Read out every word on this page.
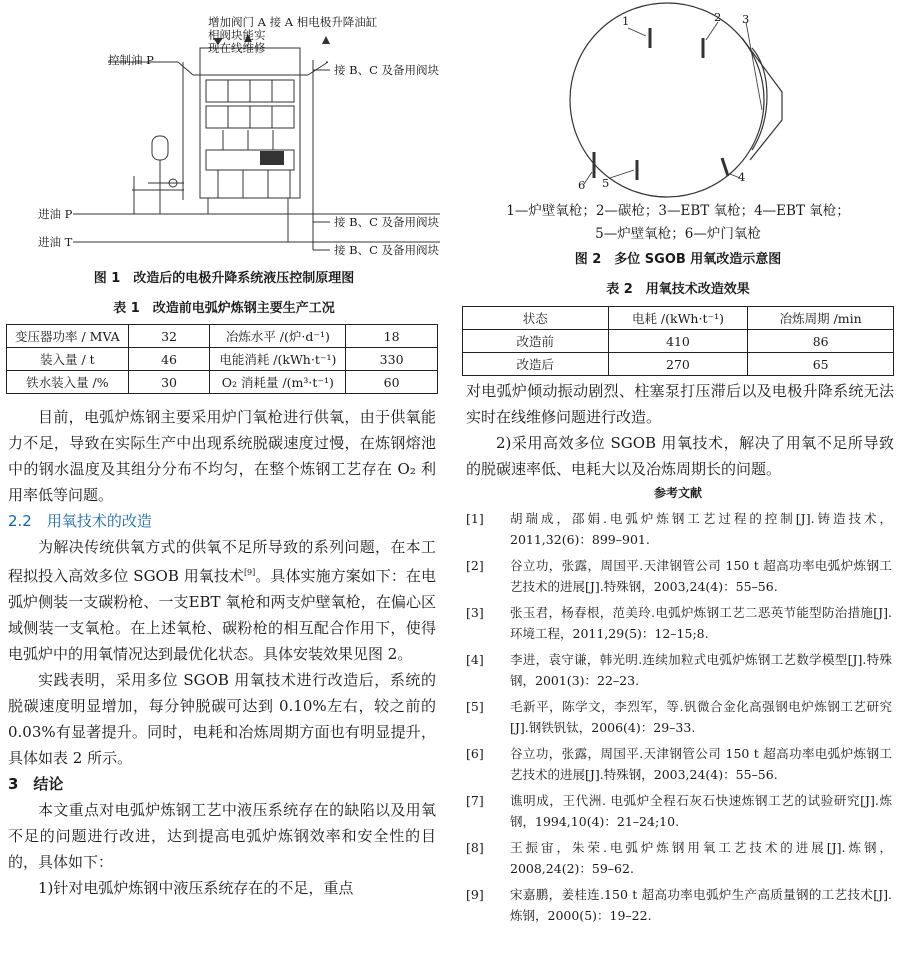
增加阀门 A 接 A 相电极升降油缸
相阀块能实
现在线维修
控制油 P
接 B、C 及备用阀块
进油 P
接 B、C 及备用阀块
进油 T
接 B、C 及备用阀块
图 1　改造后的电极升降系统液压控制原理图
表 1　改造前电弧炉炼钢主要生产工况
变压器功率 / MVA	32	冶炼水平 /(炉·d⁻¹)	18
装入量 / t	46	电能消耗 /(kWh·t⁻¹)	330
铁水装入量 /%	30	O₂ 消耗量 /(m³·t⁻¹)	60

目前，电弧炉炼钢主要采用炉门氧枪进行供氧，由于供氧能力不足，导致在实际生产中出现系统脱碳速度过慢，在炼钢熔池中的钢水温度及其组分分布不均匀，在整个炼钢工艺存在 O₂ 利用率低等问题。

2.2　用氧技术的改造

为解决传统供氧方式的供氧不足所导致的系列问题，在本工程拟投入高效多位 SGOB 用氧技术[9]。具体实施方案如下：在电弧炉侧装一支碳粉枪、一支EBT 氧枪和两支炉壁氧枪，在偏心区域侧装一支氧枪。在上述氧枪、碳粉枪的相互配合作用下，使得电弧炉中的用氧情况达到最优化状态。具体安装效果见图 2。

实践表明，采用多位 SGOB 用氧技术进行改造后，系统的脱碳速度明显增加，每分钟脱碳可达到 0.10%左右，较之前的 0.03%有显著提升。同时，电耗和冶炼周期方面也有明显提升，具体如表 2 所示。

3　结论

本文重点对电弧炉炼钢工艺中液压系统存在的缺陷以及用氧不足的问题进行改进，达到提高电弧炉炼钢效率和安全性的目的，具体如下：

1)针对电弧炉炼钢中液压系统存在的不足，重点

1	2 3
4
5
6
1—炉壁氧枪；2—碳枪；3—EBT 氧枪；4—EBT 氧枪；
5—炉壁氧枪；6—炉门氧枪
图 2　多位 SGOB 用氧改造示意图
表 2　用氧技术改造效果
状态	电耗 /(kWh·t⁻¹)	冶炼周期 /min
改造前	410	86
改造后	270	65

对电弧炉倾动振动剧烈、柱塞泵打压滞后以及电极升降系统无法实时在线维修问题进行改造。

2)采用高效多位 SGOB 用氧技术，解决了用氧不足所导致的脱碳速率低、电耗大以及冶炼周期长的问题。

参考文献
[1]	胡瑞成，邵娟.电弧炉炼钢工艺过程的控制[J].铸造技术，2011,32(6)：899–901.
[2]	谷立功，张露，周国平.天津钢管公司 150 t 超高功率电弧炉炼钢工艺技术的进展[J].特殊钢，2003,24(4)：55–56.
[3]	张玉君，杨春根，范美玲.电弧炉炼钢工艺二恶英节能型防治措施[J].环境工程，2011,29(5)：12–15;8.
[4]	李进，袁守谦，韩光明.连续加粒式电弧炉炼钢工艺数学模型[J].特殊钢，2001(3)：22–23.
[5]	毛新平，陈学文，李烈军，等.钒微合金化高强钢电炉炼钢工艺研究[J].钢铁钒钛，2006(4)：29–33.
[6]	谷立功，张露，周国平.天津钢管公司 150 t 超高功率电弧炉炼钢工艺技术的进展[J].特殊钢，2003,24(4)：55–56.
[7]	谯明成，王代洲. 电弧炉全程石灰石快速炼钢工艺的试验研究[J].炼钢，1994,10(4)：21–24;10.
[8]	王振宙，朱荣.电弧炉炼钢用氧工艺技术的进展[J].炼钢，2008,24(2)：59–62.
[9]	宋嘉鹏，姜桂连.150 t 超高功率电弧炉生产高质量钢的工艺技术[J].炼钢，2000(5)：19–22.
